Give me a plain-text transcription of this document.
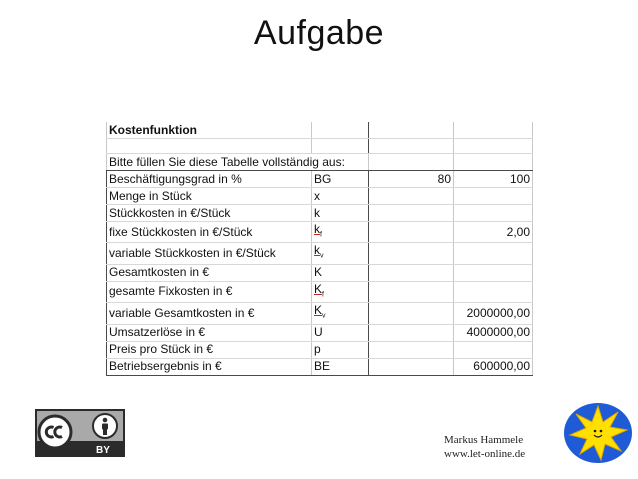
Aufgabe
Kostenfunktion			

Bitte füllen Sie diese Tabelle vollständig aus:			
Beschäftigungsgrad in %	BG	80	100
Menge in Stück	x		
Stückkosten in €/Stück	k		
fixe Stückkosten in €/Stück	$k_f$		2,00
variable Stückkosten in €/Stück	$k_v$		
Gesamtkosten in €	K		
gesamte Fixkosten in €	$K_f$		
variable Gesamtkosten in €	$K_v$		2000000,00
Umsatzerlöse in €	U		4000000,00
Preis pro Stück in €	p		
Betriebsergebnis in €	BE		600000,00
BY
Markus Hammele
www.let-online.de
